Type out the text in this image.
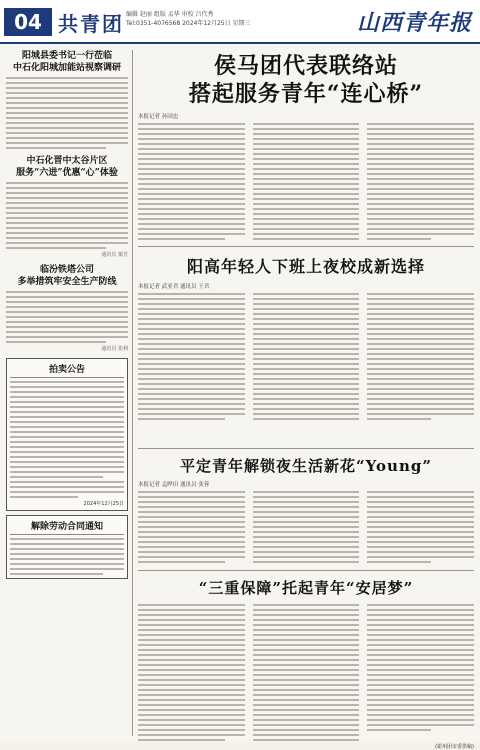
04 共青团 编辑 赵丽 组版 孟华 审校 吕代秀
Tel:0351-4076568 2024年12月25日 星期三	山西青年报
阳城县委书记一行莅临
中石化阳城加能站视察调研
中石化晋中太谷片区
服务“六进”优惠“心”体验
通讯员 栗芳
临汾铁塔公司
多举措筑牢安全生产防线
通讯员 张利
拍卖公告
2024年12月25日
解除劳动合同通知
侯马团代表联络站
搭起服务青年“连心桥”
本报记者 孙国忠
阳高年轻人下班上夜校成新选择
本报记者 武亚君 通讯员 王君
平定青年解锁夜生活新花“Young”
本报记者 孟晔田 通讯员 张蓉
“三重保障”托起青年“安居梦”
(霍州团市委供稿)
